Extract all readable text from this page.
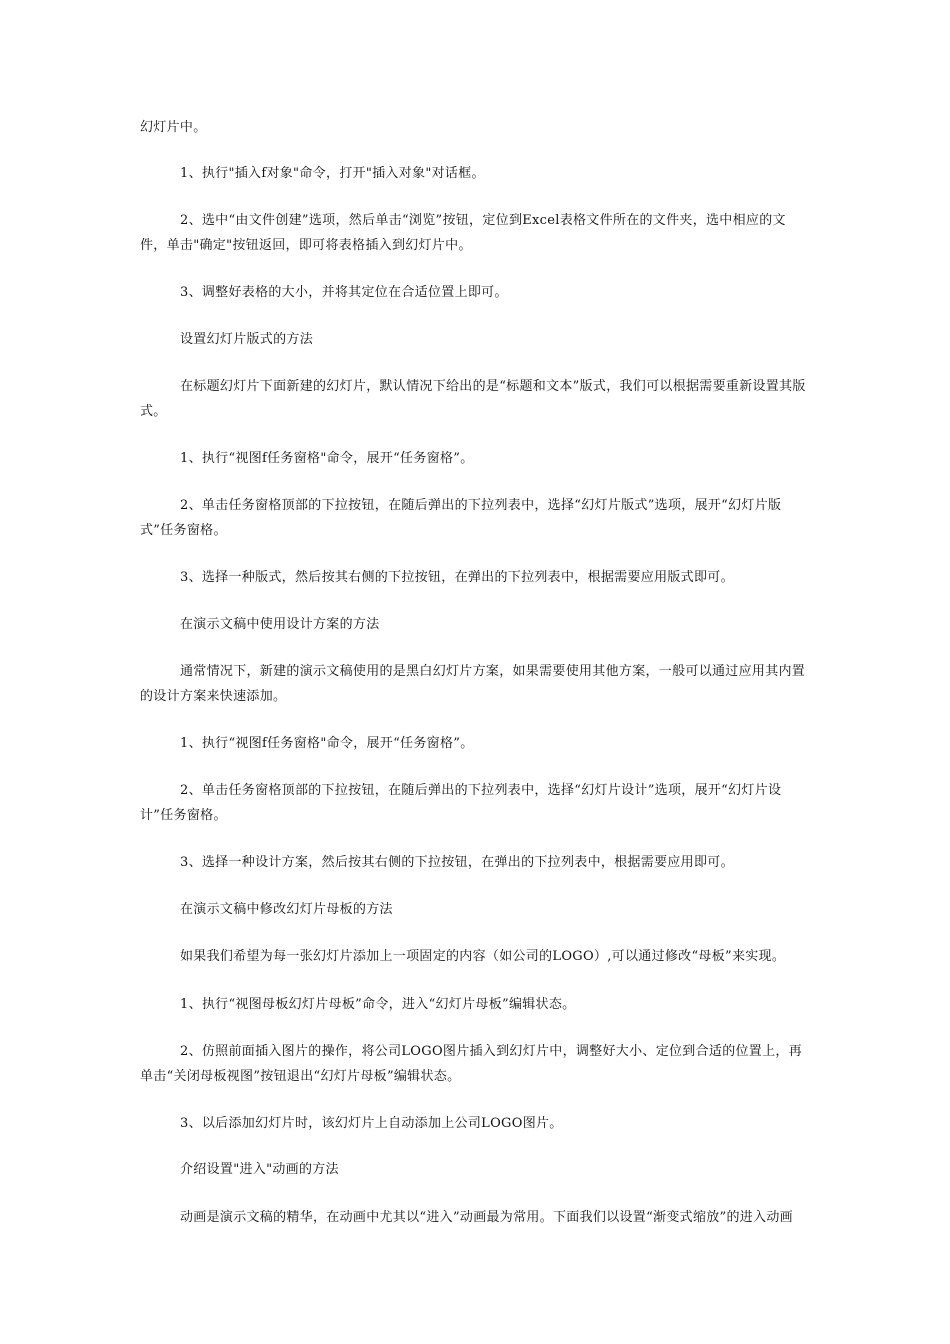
幻灯片中。

1、执行"插入f对象"命令，打开"插入对象"对话框。

2、选中“由文件创建”选项，然后单击“浏览”按钮，定位到Excel表格文件所在的文件夹，选中相应的文件，单击"确定"按钮返回，即可将表格插入到幻灯片中。

3、调整好表格的大小，并将其定位在合适位置上即可。

设置幻灯片版式的方法

在标题幻灯片下面新建的幻灯片，默认情况下给出的是“标题和文本”版式，我们可以根据需要重新设置其版式。

1、执行“视图f任务窗格"命令，展开“任务窗格”。

2、单击任务窗格顶部的下拉按钮，在随后弹出的下拉列表中，选择“幻灯片版式”选项，展开“幻灯片版式”任务窗格。

3、选择一种版式，然后按其右侧的下拉按钮，在弹出的下拉列表中，根据需要应用版式即可。

在演示文稿中使用设计方案的方法

通常情况下，新建的演示文稿使用的是黑白幻灯片方案，如果需要使用其他方案，一般可以通过应用其内置的设计方案来快速添加。

1、执行“视图f任务窗格"命令，展开“任务窗格”。

2、单击任务窗格顶部的下拉按钮，在随后弹出的下拉列表中，选择“幻灯片设计”选项，展开“幻灯片设计”任务窗格。

3、选择一种设计方案，然后按其右侧的下拉按钮，在弹出的下拉列表中，根据需要应用即可。

在演示文稿中修改幻灯片母板的方法

如果我们希望为每一张幻灯片添加上一项固定的内容（如公司的LOGO）,可以通过修改“母板”来实现。

1、执行“视图母板幻灯片母板”命令，进入“幻灯片母板”编辑状态。

2、仿照前面插入图片的操作，将公司LOGO图片插入到幻灯片中，调整好大小、定位到合适的位置上，再单击“关闭母板视图”按钮退出“幻灯片母板”编辑状态。

3、以后添加幻灯片时，该幻灯片上自动添加上公司LOGO图片。

介绍设置"进入"动画的方法

动画是演示文稿的精华，在动画中尤其以“进入”动画最为常用。下面我们以设置“渐变式缩放”的进入动画
